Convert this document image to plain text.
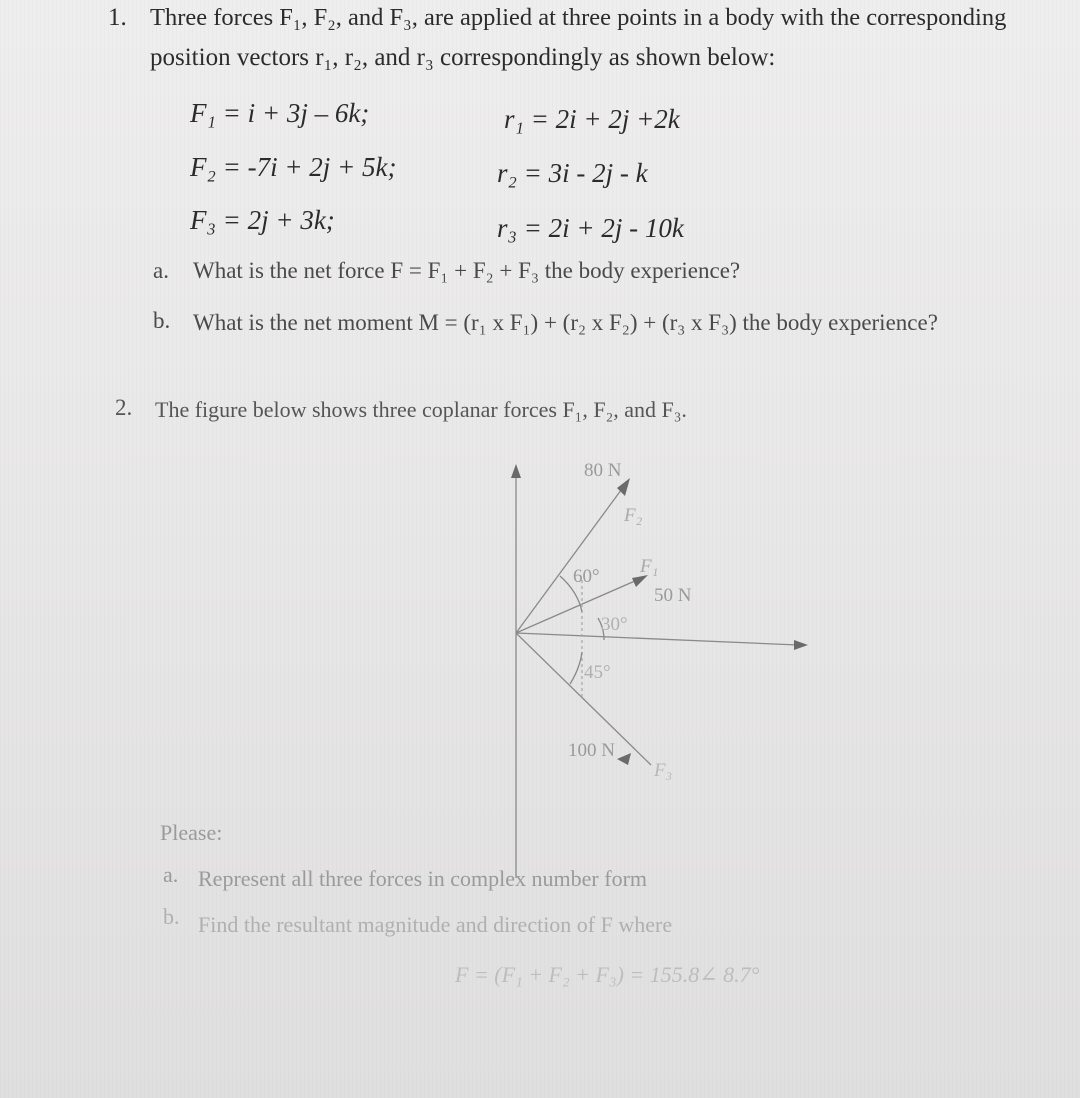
1. Three forces F₁, F₂, and F₃, are applied at three points in a body with the corresponding
position vectors r₁, r₂, and r₃ correspondingly as shown below:
F₁ = i + 3j – 6k;	r₁ = 2i + 2j +2k
F₂ = -7i + 2j + 5k;	r₂ = 3i - 2j - k
F₃ = 2j + 3k;	r₃ = 2i + 2j - 10k
a. What is the net force F = F₁ + F₂ + F₃ the body experience?
b. What is the net moment M = (r₁ x F₁) + (r₂ x F₂) + (r₃ x F₃) the body experience?
2. The figure below shows three coplanar forces F₁, F₂, and F₃.
80 N
F₂
F₁
50 N
60°
30°
45°
100 N
F₃
Please:
a. Represent all three forces in complex number form
b. Find the resultant magnitude and direction of F where
F = (F₁ + F₂ + F₃) = 155.8∠ 8.7°
